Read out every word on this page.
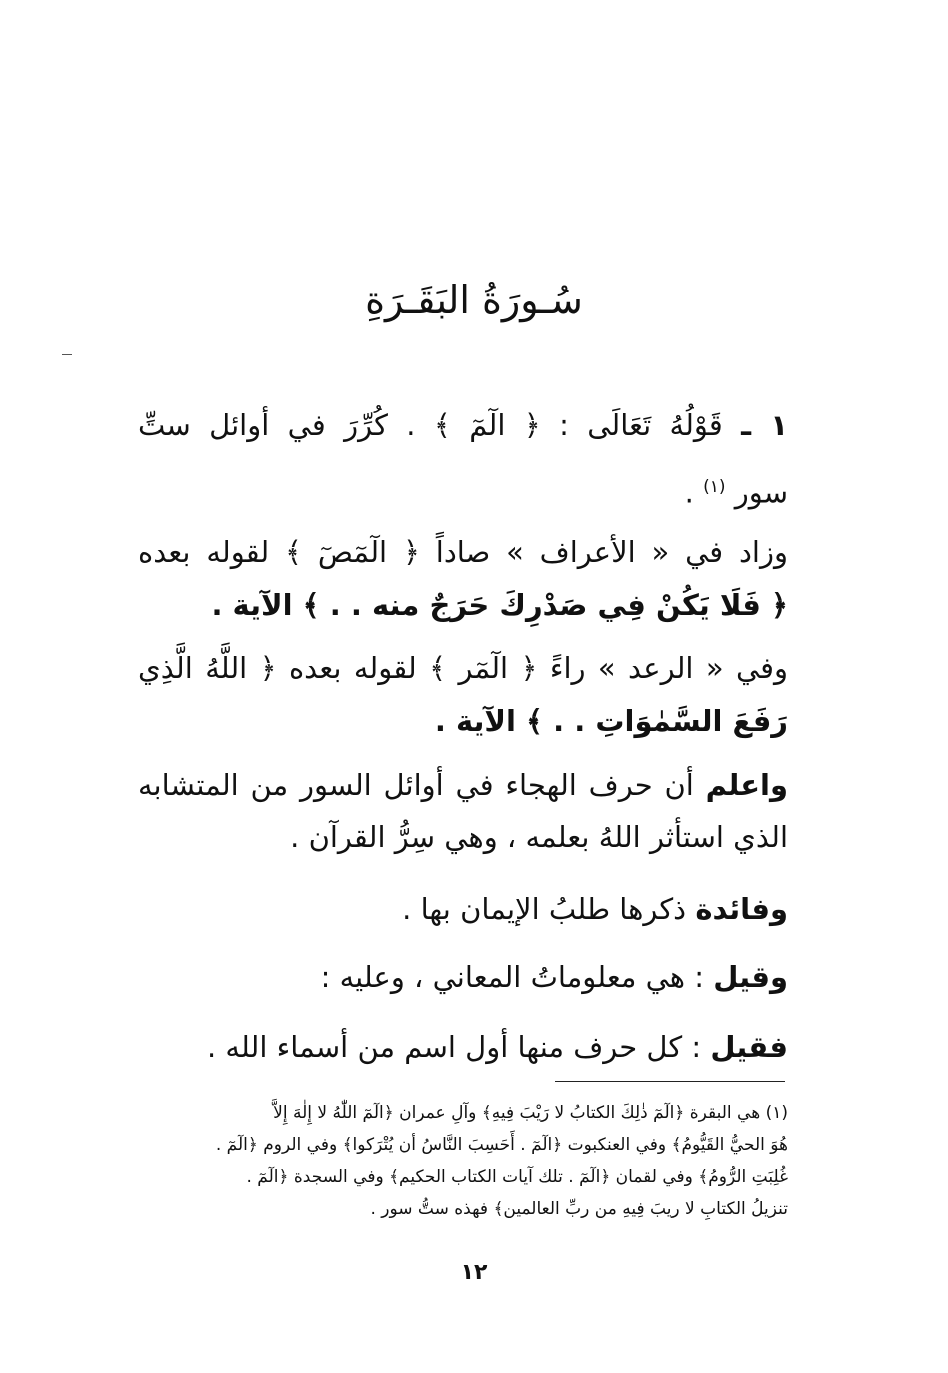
سُـورَةُ البَقَـرَةِ
١ ـ قَوْلُهُ تَعَالَى : ﴿ الٓمٓ ﴾ . كُرِّرَ في أوائل ستِّ
سور $^{(١)}$ .
وزاد في « الأعراف » صاداً ﴿ الٓمٓصٓ ﴾ لقوله بعده
﴿ فَلَا يَكُنْ فِي صَدْرِكَ حَرَجٌ منه . . ﴾ الآية .
وفي « الرعد » راءً ﴿ الٓمٓر ﴾ لقوله بعده ﴿ اللَّهُ الَّذِي
رَفَعَ السَّمٰوَاتِ . . ﴾ الآية .
واعلم أن حرف الهجاء في أوائل السور من المتشابه
الذي استأثر اللهُ بعلمه ، وهي سِرُّ القرآن .
وفائدة ذكرها طلبُ الإيمان بها .
وقيل : هي معلوماتُ المعاني ، وعليه :
فقيل : كل حرف منها أول اسم من أسماء الله .
(١) هي البقرة ﴿الٓمٓ ذٰلِكَ الكتابُ لا رَيْبَ فِيهِ﴾ وآلِ عمران ﴿الٓمٓ اللّٰهُ لا إِلٰهَ إِلاَّ
هُوَ الحيُّ القَيُّومُ﴾ وفي العنكبوت ﴿الٓمٓ . أَحَسِبَ النَّاسُ أن يُتْرَكوا﴾ وفي الروم ﴿الٓمٓ .
غُلِبَتِ الرُّومُ﴾ وفي لقمان ﴿الٓمٓ . تلك آيات الكتاب الحكيم﴾ وفي السجدة ﴿الٓمٓ .
تنزيلُ الكتابِ لا ريبَ فِيهِ من ربِّ العالمين﴾ فهذه ستُّ سور .
١٢
